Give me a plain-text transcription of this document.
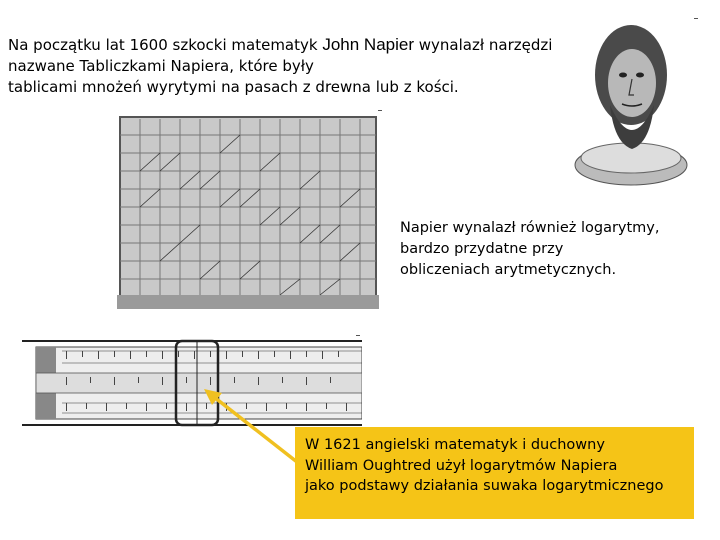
Na początku lat 1600 szkocki matematyk John Napier wynalazł narzędzi
nazwane Tabliczkami Napiera, które były
tablicami mnożeń wyrytymi na pasach z drewna lub z kości.
Napier wynalazł również logarytmy,
bardzo przydatne przy
obliczeniach arytmetycznych.
W 1621 angielski matematyk i duchowny
William Oughtred użył logarytmów Napiera
jako podstawy działania suwaka logarytmicznego
